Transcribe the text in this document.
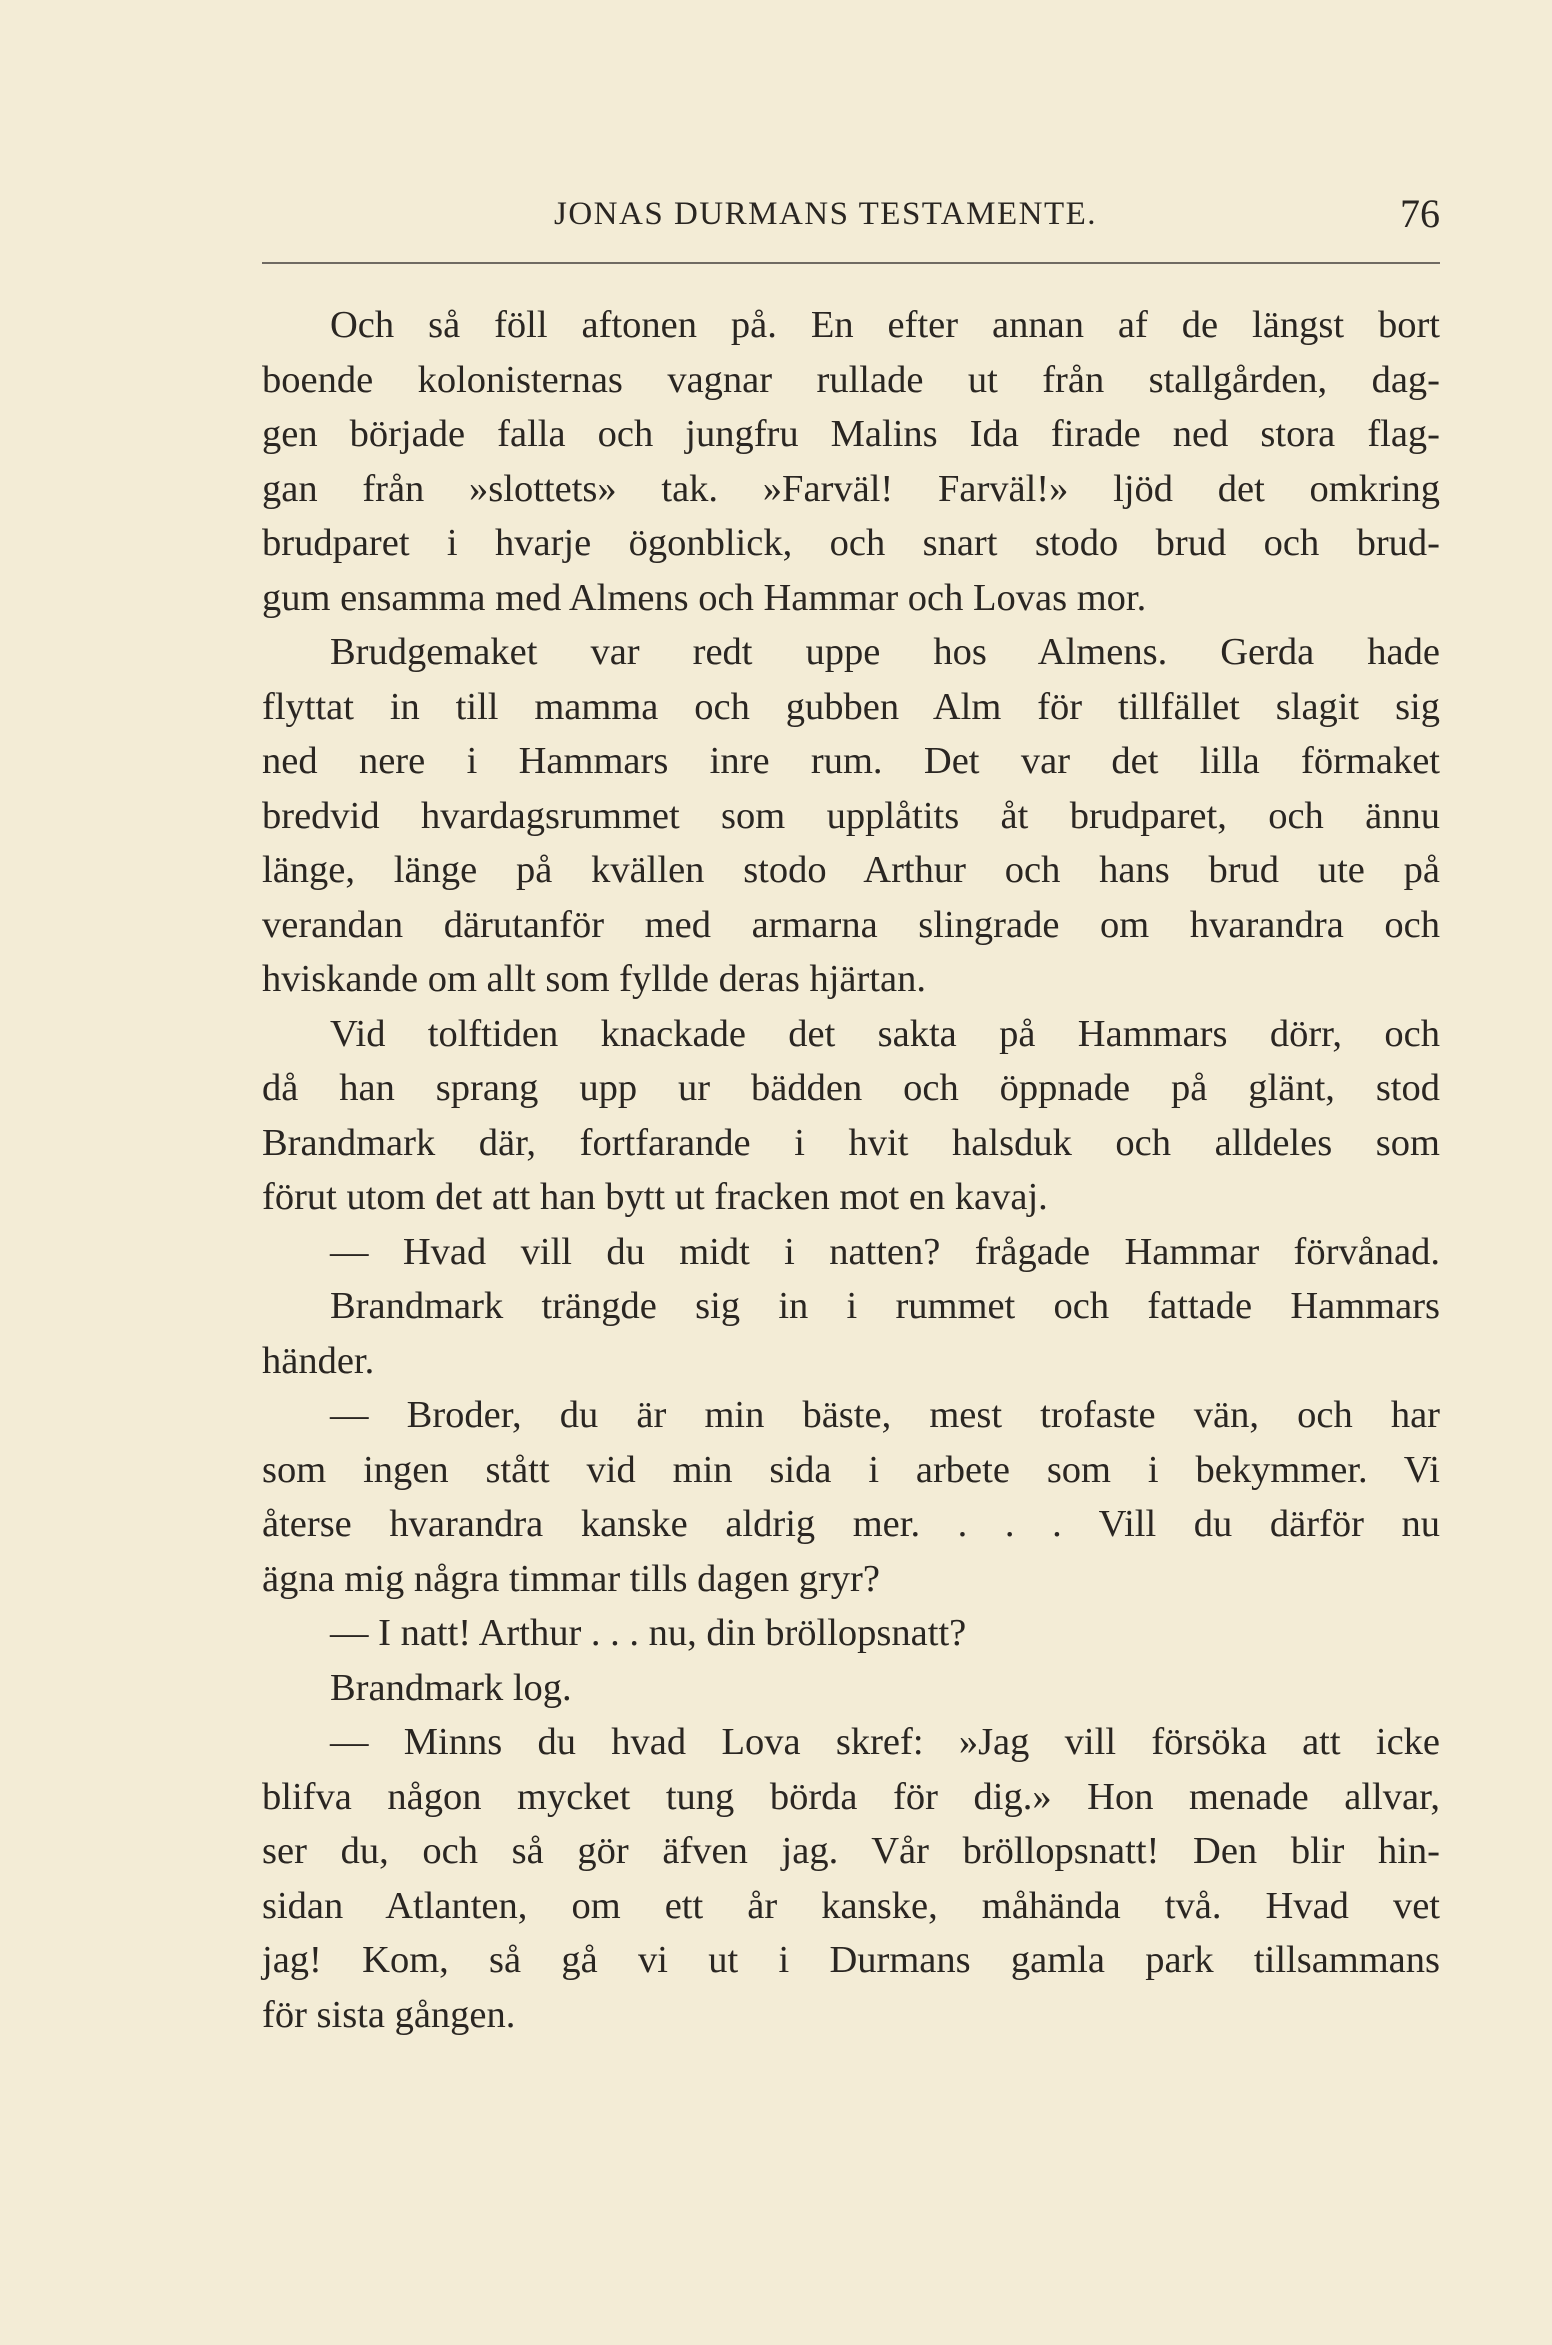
JONAS DURMANS TESTAMENTE.	76
Och så föll aftonen på. En efter annan af de längst bort
boende kolonisternas vagnar rullade ut från stallgården, dag-
gen började falla och jungfru Malins Ida firade ned stora flag-
gan från »slottets» tak. »Farväl! Farväl!» ljöd det omkring
brudparet i hvarje ögonblick, och snart stodo brud och brud-
gum ensamma med Almens och Hammar och Lovas mor.
Brudgemaket var redt uppe hos Almens. Gerda hade
flyttat in till mamma och gubben Alm för tillfället slagit sig
ned nere i Hammars inre rum. Det var det lilla förmaket
bredvid hvardagsrummet som upplåtits åt brudparet, och ännu
länge, länge på kvällen stodo Arthur och hans brud ute på
verandan därutanför med armarna slingrade om hvarandra och
hviskande om allt som fyllde deras hjärtan.
Vid tolftiden knackade det sakta på Hammars dörr, och
då han sprang upp ur bädden och öppnade på glänt, stod
Brandmark där, fortfarande i hvit halsduk och alldeles som
förut utom det att han bytt ut fracken mot en kavaj.
— Hvad vill du midt i natten? frågade Hammar förvånad.
Brandmark trängde sig in i rummet och fattade Hammars
händer.
— Broder, du är min bäste, mest trofaste vän, och har
som ingen stått vid min sida i arbete som i bekymmer. Vi
återse hvarandra kanske aldrig mer. . . . Vill du därför nu
ägna mig några timmar tills dagen gryr?
— I natt! Arthur . . . nu, din bröllopsnatt?
Brandmark log.
— Minns du hvad Lova skref: »Jag vill försöka att icke
blifva någon mycket tung börda för dig.» Hon menade allvar,
ser du, och så gör äfven jag. Vår bröllopsnatt! Den blir hin-
sidan Atlanten, om ett år kanske, måhända två. Hvad vet
jag! Kom, så gå vi ut i Durmans gamla park tillsammans
för sista gången.
